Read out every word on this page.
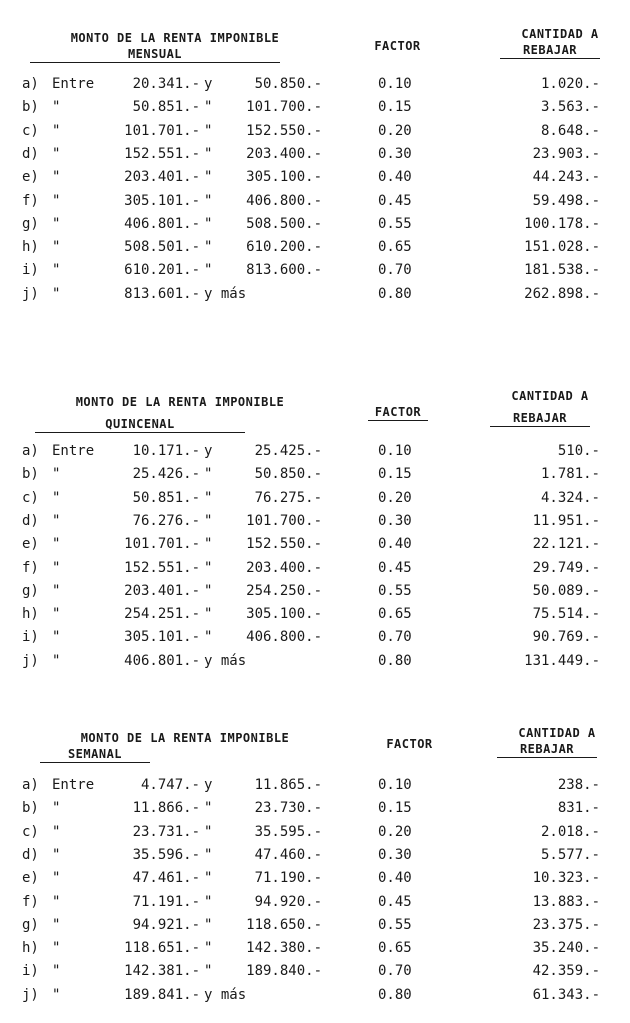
MONTO DE LA RENTA IMPONIBLE
MENSUAL
FACTOR
CANTIDAD A
REBAJAR
a) Entre	20.341.- y	50.850.-	0.10	1.020.-
b) "	50.851.- " 101.700.-	0.15	3.563.-
c) "	101.701.- " 152.550.-	0.20	8.648.-
d) "	152.551.- " 203.400.-	0.30	23.903.-
e) "	203.401.- " 305.100.-	0.40	44.243.-
f) "	305.101.- " 406.800.-	0.45	59.498.-
g) "	406.801.- " 508.500.-	0.55	100.178.-
h) "	508.501.- " 610.200.-	0.65	151.028.-
i) "	610.201.- " 813.600.-	0.70	181.538.-
j) "	813.601.- y más	0.80	262.898.-
MONTO DE LA RENTA IMPONIBLE
QUINCENAL
FACTOR
CANTIDAD A
REBAJAR
a) Entre	10.171.- y	25.425.-	0.10	510.-
b) "	25.426.- "	50.850.-	0.15	1.781.-
c) "	50.851.- "	76.275.-	0.20	4.324.-
d) "	76.276.- " 101.700.-	0.30	11.951.-
e) "	101.701.- " 152.550.-	0.40	22.121.-
f) "	152.551.- " 203.400.-	0.45	29.749.-
g) "	203.401.- " 254.250.-	0.55	50.089.-
h) "	254.251.- " 305.100.-	0.65	75.514.-
i) "	305.101.- " 406.800.-	0.70	90.769.-
j) "	406.801.- y más	0.80	131.449.-
MONTO DE LA RENTA IMPONIBLE
SEMANAL
FACTOR
CANTIDAD A
REBAJAR
a) Entre	4.747.- y	11.865.-	0.10	238.-
b) "	11.866.- "	23.730.-	0.15	831.-
c) "	23.731.- "	35.595.-	0.20	2.018.-
d) "	35.596.- "	47.460.-	0.30	5.577.-
e) "	47.461.- "	71.190.-	0.40	10.323.-
f) "	71.191.- "	94.920.-	0.45	13.883.-
g) "	94.921.- " 118.650.-	0.55	23.375.-
h) "	118.651.- " 142.380.-	0.65	35.240.-
i) "	142.381.- " 189.840.-	0.70	42.359.-
j) "	189.841.- y más	0.80	61.343.-
